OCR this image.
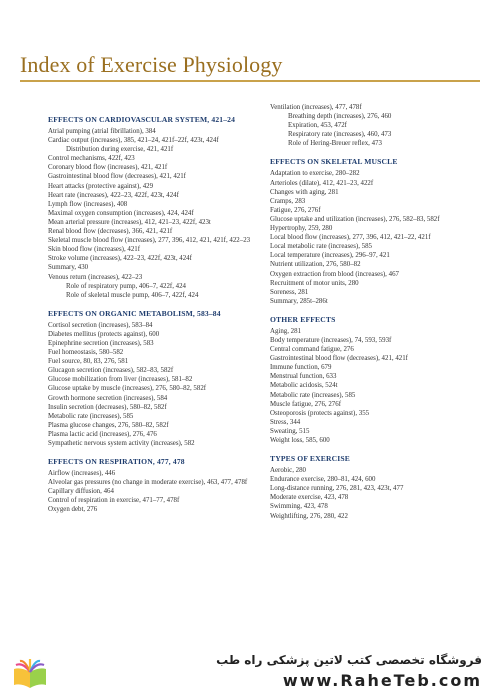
Index of Exercise Physiology
EFFECTS ON CARDIOVASCULAR SYSTEM, 421–24
Atrial pumping (atrial fibrillation), 384
Cardiac output (increases), 385, 421–24, 421f–22f, 423t, 424f
Distribution during exercise, 421, 421f
Control mechanisms, 422f, 423
Coronary blood flow (increases), 421, 421f
Gastrointestinal blood flow (decreases), 421, 421f
Heart attacks (protective against), 429
Heart rate (increases), 422–23, 422f, 423t, 424f
Lymph flow (increases), 408
Maximal oxygen consumption (increases), 424, 424f
Mean arterial pressure (increases), 412, 421–23, 422f, 423t
Renal blood flow (decreases), 366, 421, 421f
Skeletal muscle blood flow (increases), 277, 396, 412, 421, 421f, 422–23
Skin blood flow (increases), 421f
Stroke volume (increases), 422–23, 422f, 423t, 424f
Summary, 430
Venous return (increases), 422–23
Role of respiratory pump, 406–7, 422f, 424
Role of skeletal muscle pump, 406–7, 422f, 424
EFFECTS ON ORGANIC METABOLISM, 583–84
Cortisol secretion (increases), 583–84
Diabetes mellitus (protects against), 600
Epinephrine secretion (increases), 583
Fuel homeostasis, 580–582
Fuel source, 80, 83, 276, 581
Glucagon secretion (increases), 582–83, 582f
Glucose mobilization from liver (increases), 581–82
Glucose uptake by muscle (increases), 276, 580–82, 582f
Growth hormone secretion (increases), 584
Insulin secretion (decreases), 580–82, 582f
Metabolic rate (increases), 585
Plasma glucose changes, 276, 580–82, 582f
Plasma lactic acid (increases), 276, 476
Sympathetic nervous system activity (increases), 582
EFFECTS ON RESPIRATION, 477, 478
Airflow (increases), 446
Alveolar gas pressures (no change in moderate exercise), 463, 477, 478f
Capillary diffusion, 464
Control of respiration in exercise, 471–77, 478f
Oxygen debt, 276
Ventilation (increases), 477, 478f
Breathing depth (increases), 276, 460
Expiration, 453, 472f
Respiratory rate (increases), 460, 473
Role of Hering-Breuer reflex, 473
EFFECTS ON SKELETAL MUSCLE
Adaptation to exercise, 280–282
Arterioles (dilate), 412, 421–23, 422f
Changes with aging, 281
Cramps, 283
Fatigue, 276, 276f
Glucose uptake and utilization (increases), 276, 582–83, 582f
Hypertrophy, 259, 280
Local blood flow (increases), 277, 396, 412, 421–22, 421f
Local metabolic rate (increases), 585
Local temperature (increases), 296–97, 421
Nutrient utilization, 276, 580–82
Oxygen extraction from blood (increases), 467
Recruitment of motor units, 280
Soreness, 281
Summary, 285t–286t
OTHER EFFECTS
Aging, 281
Body temperature (increases), 74, 593, 593f
Central command fatigue, 276
Gastrointestinal blood flow (decreases), 421, 421f
Immune function, 679
Menstrual function, 633
Metabolic acidosis, 524t
Metabolic rate (increases), 585
Muscle fatigue, 276, 276f
Osteoporosis (protects against), 355
Stress, 344
Sweating, 515
Weight loss, 585, 600
TYPES OF EXERCISE
Aerobic, 280
Endurance exercise, 280–81, 424, 600
Long-distance running, 276, 281, 423, 423t, 477
Moderate exercise, 423, 478
Swimming, 423, 478
Weightlifting, 276, 280, 422
فروشگاه تخصصی کتب لاتین پزشکی راه طب
www.RaheTeb.com
